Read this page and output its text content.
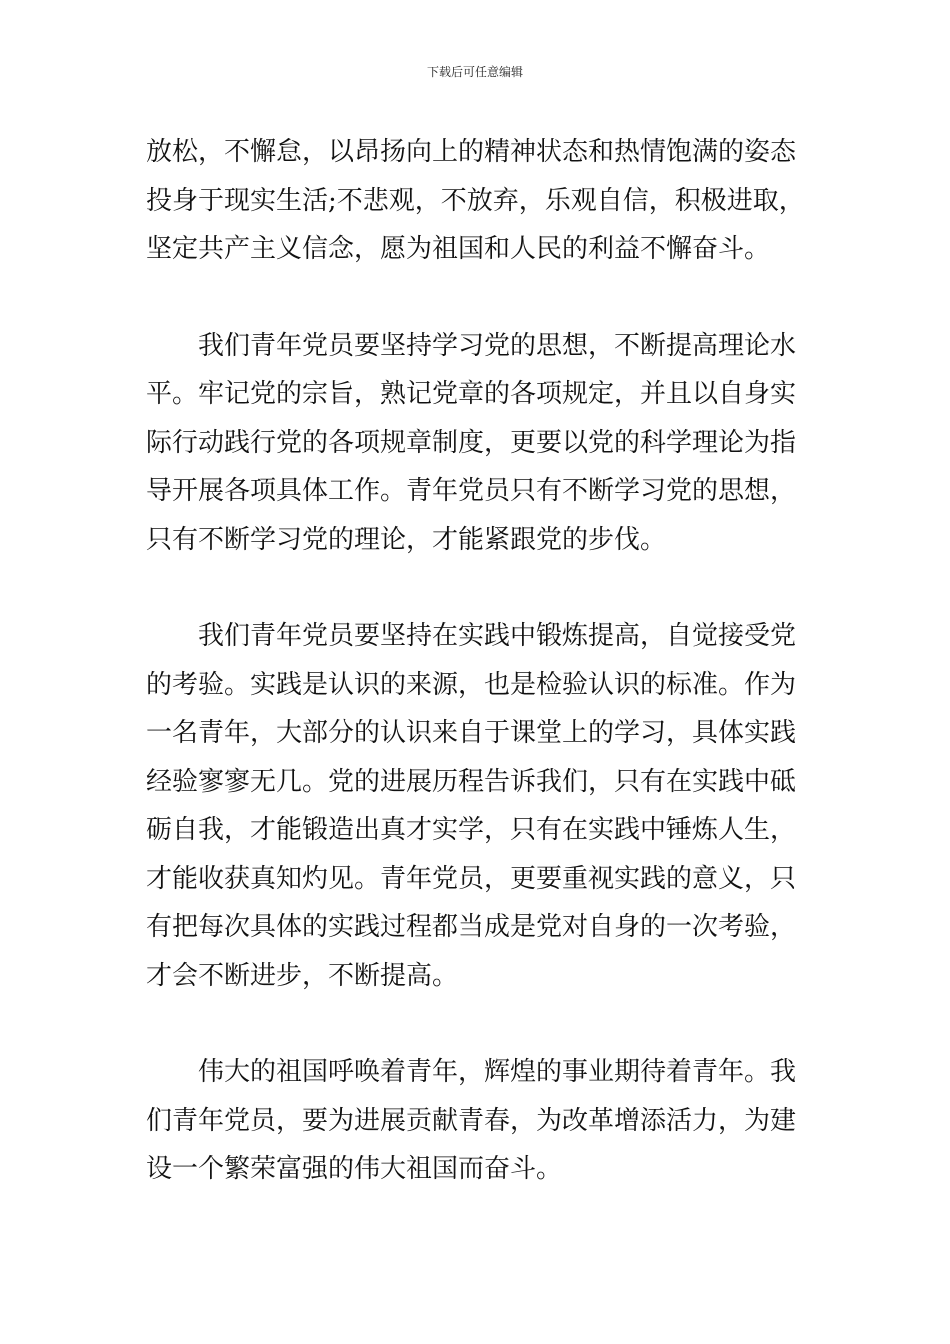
下载后可任意编辑
放松，不懈怠，以昂扬向上的精神状态和热情饱满的姿态
投身于现实生活;不悲观，不放弃，乐观自信，积极进取，
坚定共产主义信念，愿为祖国和人民的利益不懈奋斗。
我们青年党员要坚持学习党的思想，不断提高理论水
平。牢记党的宗旨，熟记党章的各项规定，并且以自身实
际行动践行党的各项规章制度，更要以党的科学理论为指
导开展各项具体工作。青年党员只有不断学习党的思想，
只有不断学习党的理论，才能紧跟党的步伐。
我们青年党员要坚持在实践中锻炼提高，自觉接受党
的考验。实践是认识的来源，也是检验认识的标准。作为
一名青年，大部分的认识来自于课堂上的学习，具体实践
经验寥寥无几。党的进展历程告诉我们，只有在实践中砥
砺自我，才能锻造出真才实学，只有在实践中锤炼人生，
才能收获真知灼见。青年党员，更要重视实践的意义，只
有把每次具体的实践过程都当成是党对自身的一次考验，
才会不断进步，不断提高。
伟大的祖国呼唤着青年，辉煌的事业期待着青年。我
们青年党员，要为进展贡献青春，为改革增添活力，为建
设一个繁荣富强的伟大祖国而奋斗。
